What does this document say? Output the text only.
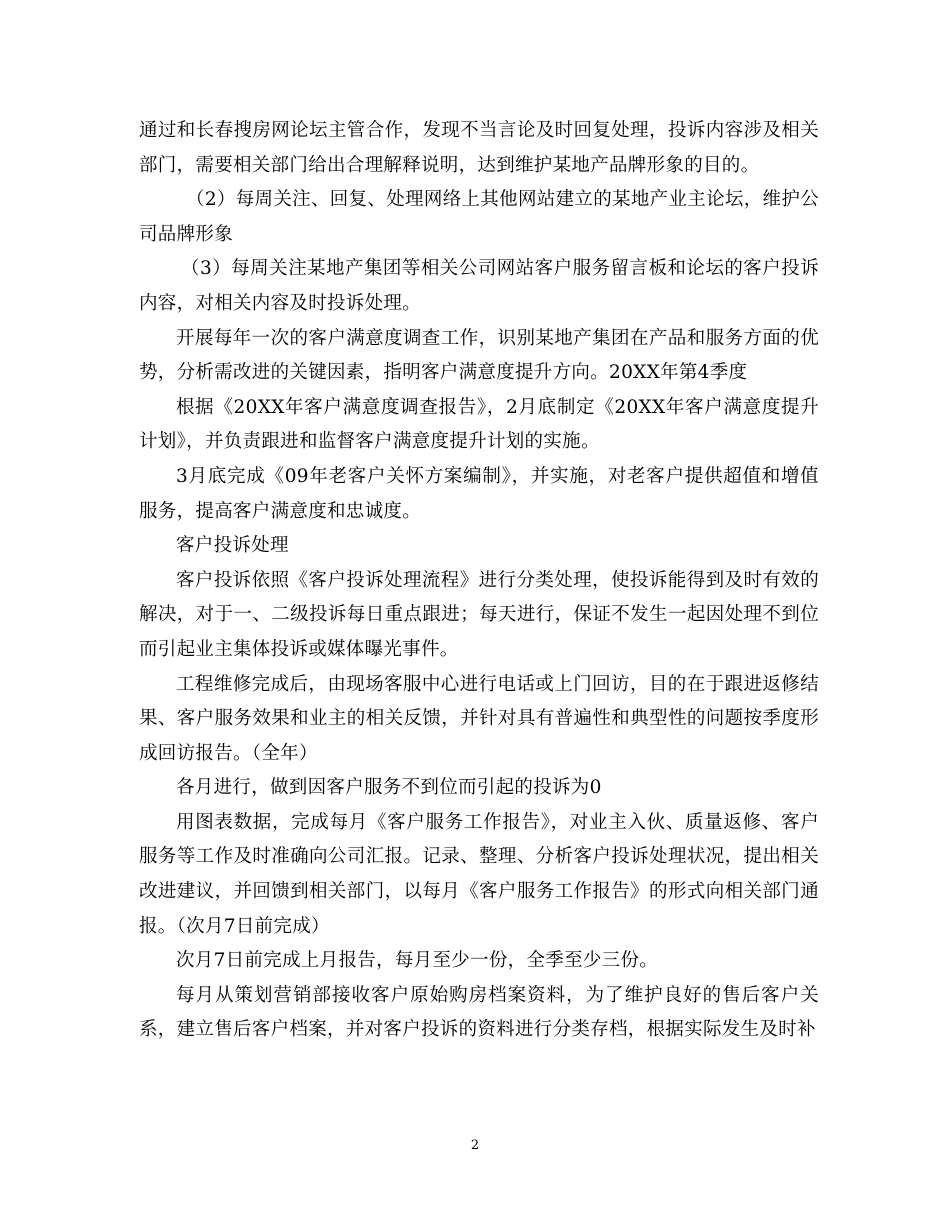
通过和长春搜房网论坛主管合作，发现不当言论及时回复处理，投诉内容涉及相关部门，需要相关部门给出合理解释说明，达到维护某地产品牌形象的目的。

（2）每周关注、回复、处理网络上其他网站建立的某地产业主论坛，维护公司品牌形象

（3）每周关注某地产集团等相关公司网站客户服务留言板和论坛的客户投诉内容，对相关内容及时投诉处理。

开展每年一次的客户满意度调查工作，识别某地产集团在产品和服务方面的优势，分析需改进的关键因素，指明客户满意度提升方向。20XX年第4季度

根据《20XX年客户满意度调查报告》，2月底制定《20XX年客户满意度提升计划》，并负责跟进和监督客户满意度提升计划的实施。

3月底完成《09年老客户关怀方案编制》，并实施，对老客户提供超值和增值服务，提高客户满意度和忠诚度。

客户投诉处理

客户投诉依照《客户投诉处理流程》进行分类处理，使投诉能得到及时有效的解决，对于一、二级投诉每日重点跟进；每天进行，保证不发生一起因处理不到位而引起业主集体投诉或媒体曝光事件。

工程维修完成后，由现场客服中心进行电话或上门回访，目的在于跟进返修结果、客户服务效果和业主的相关反馈，并针对具有普遍性和典型性的问题按季度形成回访报告。（全年）

各月进行，做到因客户服务不到位而引起的投诉为0

用图表数据，完成每月《客户服务工作报告》，对业主入伙、质量返修、客户服务等工作及时准确向公司汇报。记录、整理、分析客户投诉处理状况，提出相关改进建议，并回馈到相关部门，以每月《客户服务工作报告》的形式向相关部门通报。（次月7日前完成）

次月7日前完成上月报告，每月至少一份，全季至少三份。

每月从策划营销部接收客户原始购房档案资料，为了维护良好的售后客户关系，建立售后客户档案，并对客户投诉的资料进行分类存档，根据实际发生及时补

2
